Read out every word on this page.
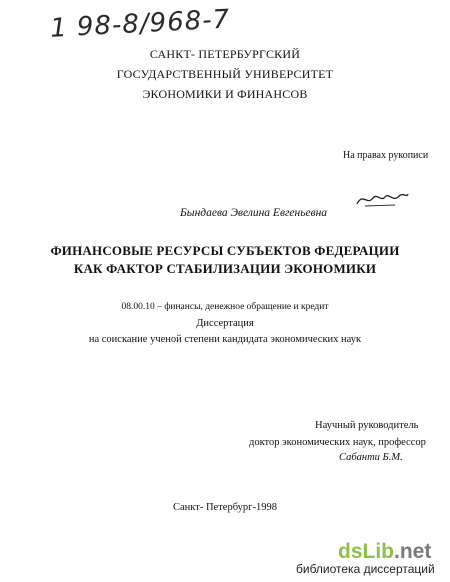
1 98-8/968-7
САНКТ- ПЕТЕРБУРГСКИЙ
ГОСУДАРСТВЕННЫЙ УНИВЕРСИТЕТ
ЭКОНОМИКИ И ФИНАНСОВ
На правах рукописи
Бындаева Эвелина Евгеньевна
ФИНАНСОВЫЕ РЕСУРСЫ СУБЪЕКТОВ ФЕДЕРАЦИИ
КАК ФАКТОР СТАБИЛИЗАЦИИ ЭКОНОМИКИ
08.00.10 – финансы, денежное обращение и кредит
Диссертация
на соискание ученой степени кандидата экономических наук
Научный руководитель
доктор экономических наук, профессор
Сабанти Б.М.
Санкт- Петербург-1998
dsLib.net
библиотека диссертаций
